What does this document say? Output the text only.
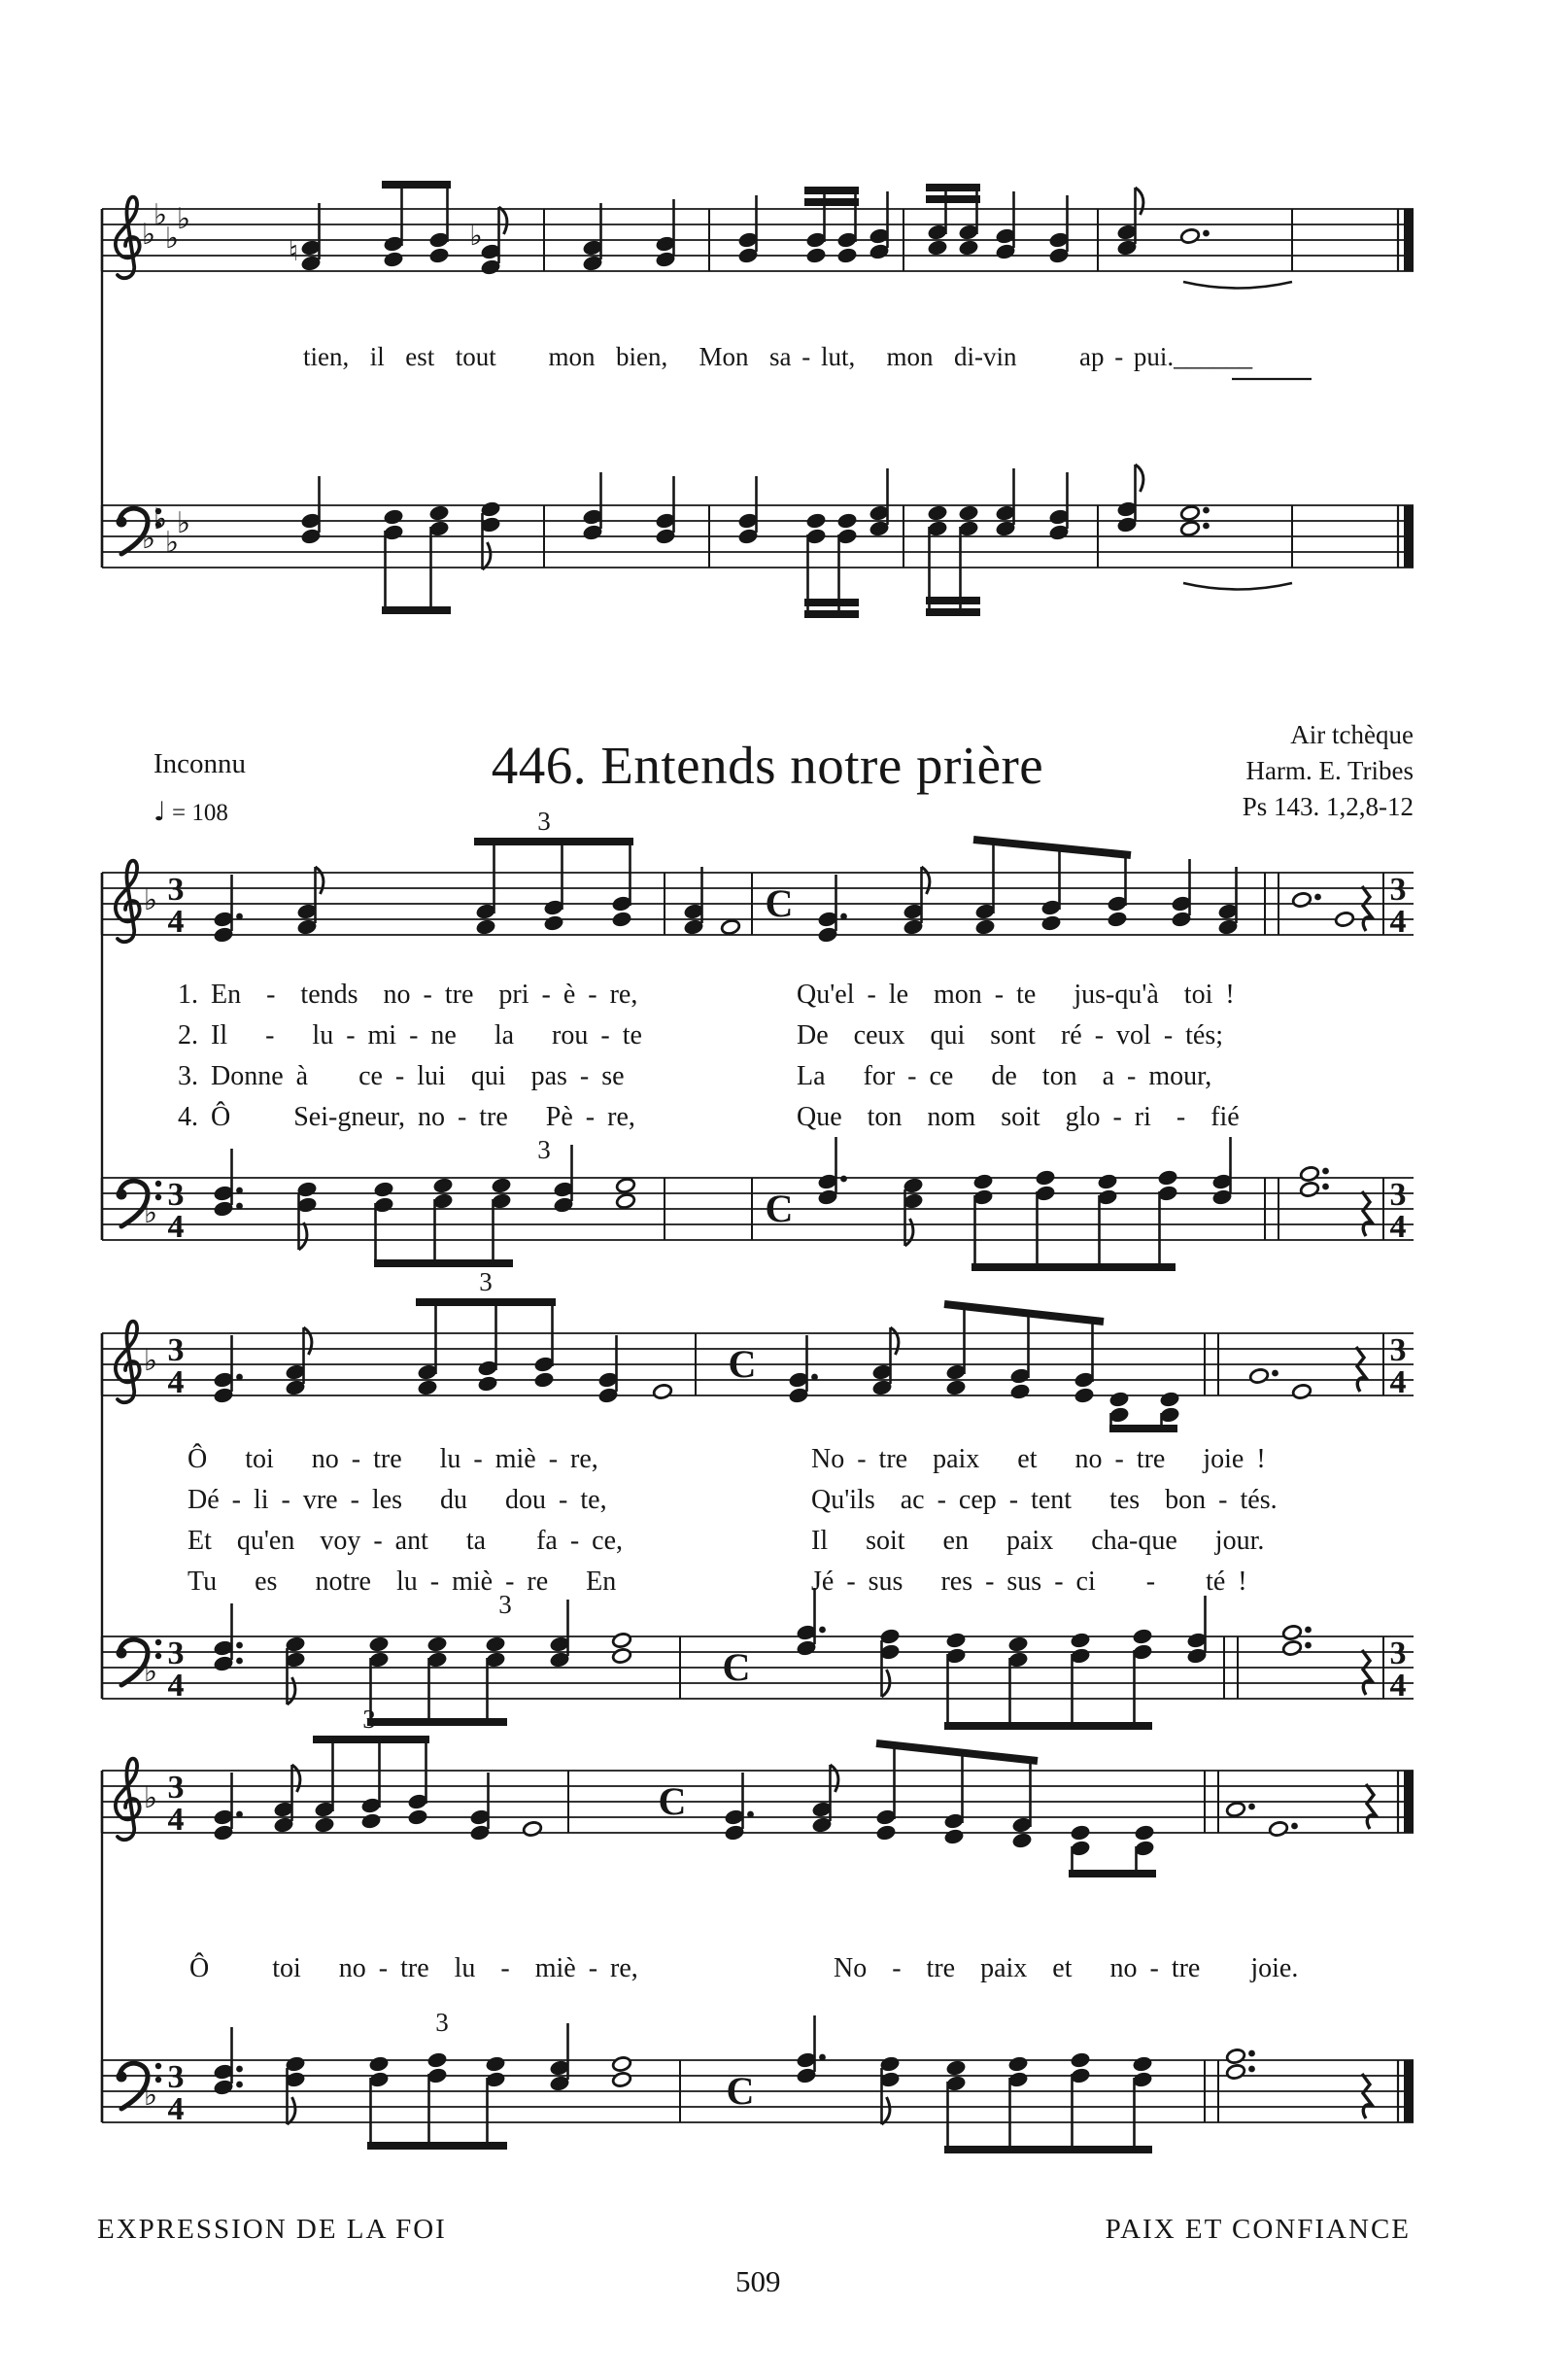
♭
♭
♭
♭
♮
♭
♭
♭
♭
♭
♭ 3
4	C
3
3
4
♭
3
4	C
3
3
4
♭ 3
4	C
3
3
4
♭
3
4	C
3
3
4
♭ 3
4	C
3
♭
3
4	C
3
tien,  il  est  tout     mon  bien,   Mon  sa - lut,   mon  di-vin      ap - pui.______
Inconnu
♩ = 108
446. Entends notre prière
Air tchèque
Harm. E. Tribes
Ps 143. 1,2,8-12
1. En  -  tends  no - tre  pri - è - re,	Qu'el - le  mon - te   jus-qu'à  toi !
2. Il   -   lu - mi - ne   la   rou - te	De  ceux  qui  sont  ré - vol - tés;
3. Donne à    ce - lui  qui  pas - se	La   for - ce   de  ton  a - mour,
4. Ô     Sei-gneur, no - tre   Pè - re,	Que  ton  nom  soit  glo - ri  -  fié
Ô   toi   no - tre   lu - miè - re,	No - tre  paix   et   no - tre   joie !
Dé - li - vre - les   du   dou - te,	Qu'ils  ac - cep - tent   tes  bon - tés.
Et  qu'en  voy - ant   ta    fa - ce,	Il   soit   en   paix   cha-que   jour.
Tu   es   notre  lu - miè - re   En	Jé - sus   res - sus - ci    -    té !
Ô     toi   no - tre  lu  -  miè - re,	No  -  tre  paix  et   no - tre    joie.
EXPRESSION DE LA FOI	PAIX ET CONFIANCE
509
